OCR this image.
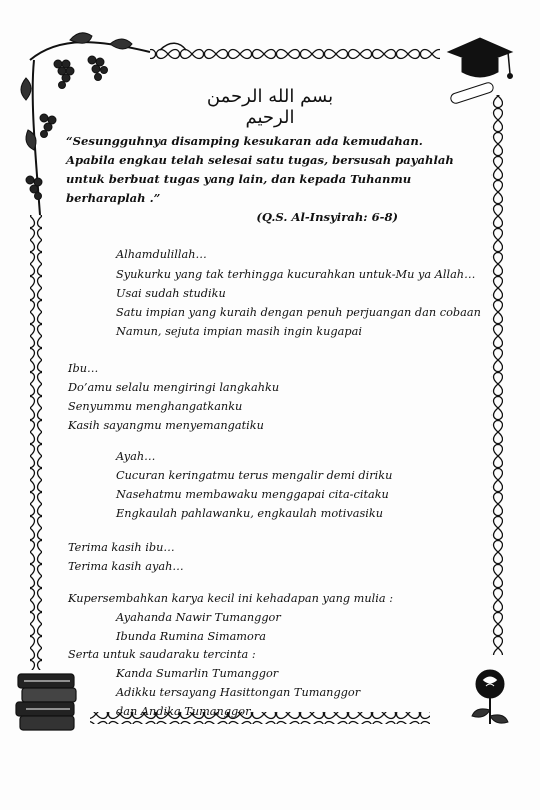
بسم الله الرحمن الرحيم
“Sesungguhnya disamping kesukaran ada kemudahan.
Apabila engkau telah selesai satu tugas, bersusah payahlah
untuk berbuat tugas yang lain, dan kepada Tuhanmu berharaplah .”

(Q.S. Al-Insyirah: 6-8)
Alhamdulillah…
Syukurku yang tak terhingga kucurahkan untuk-Mu ya Allah…
Usai sudah studiku
Satu impian yang kuraih dengan penuh perjuangan dan cobaan
Namun, sejuta impian masih ingin kugapai
Ibu…
Do’amu selalu mengiringi langkahku
Senyummu menghangatkanku
Kasih sayangmu menyemangatiku
Ayah…
Cucuran keringatmu terus mengalir demi diriku
Nasehatmu membawaku menggapai cita-citaku
Engkaulah pahlawanku, engkaulah motivasiku
Terima kasih ibu…
Terima kasih ayah…
Kupersembahkan karya kecil ini kehadapan yang mulia :
Ayahanda Nawir Tumanggor
Ibunda Rumina Simamora
Serta untuk saudaraku tercinta :
Kanda Sumarlin Tumanggor
Adikku tersayang Hasittongan Tumanggor
dan Andika Tumanggor
